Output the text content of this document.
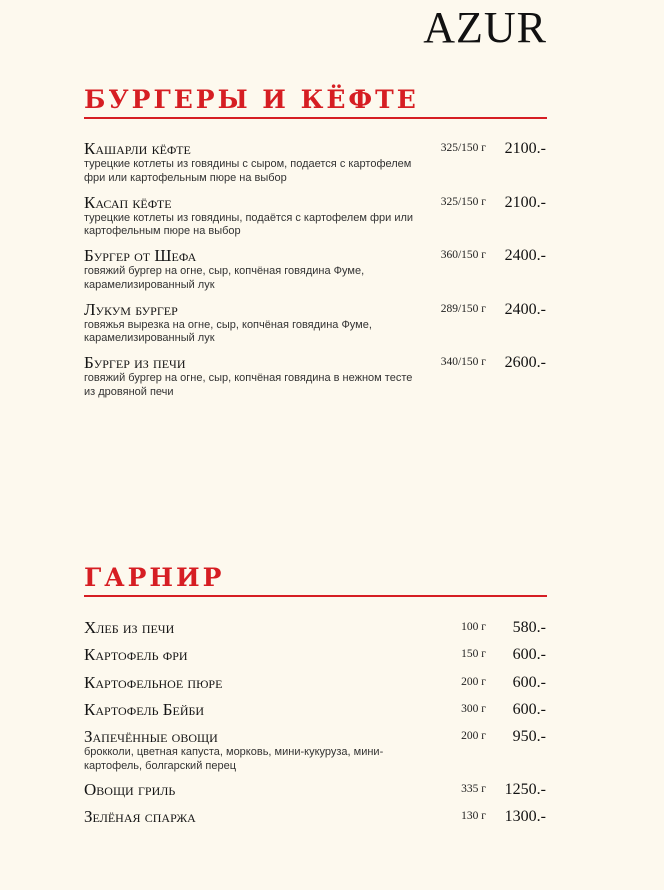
AZUR
БУРГЕРЫ И КЁФТЕ
Кашарли кёфте
турецкие котлеты из говядины с сыром, подается с картофелем фри или картофельным пюре на выбор
325/150 г 2100.-
Касап кёфте
турецкие котлеты из говядины, подаётся с картофелем фри или картофельным пюре на выбор
325/150 г 2100.-
Бургер от Шефа
говяжий бургер на огне, сыр, копчёная говядина Фуме, карамелизированный лук
360/150 г 2400.-
Лукум бургер
говяжья вырезка на огне, сыр, копчёная говядина Фуме, карамелизированный лук
289/150 г 2400.-
Бургер из печи
говяжий бургер на огне, сыр, копчёная говядина в нежном тесте из дровяной печи
340/150 г 2600.-
ГАРНИР
Хлеб из печи	100 г 580.-
Картофель фри	150 г 600.-
Картофельное пюре	200 г 600.-
Картофель Бейби	300 г 600.-
Запечённые овощи
брокколи, цветная капуста, морковь, мини-кукуруза, мини-картофель, болгарский перец
200 г 950.-
Овощи гриль	335 г 1250.-
Зелёная спаржа	130 г 1300.-
